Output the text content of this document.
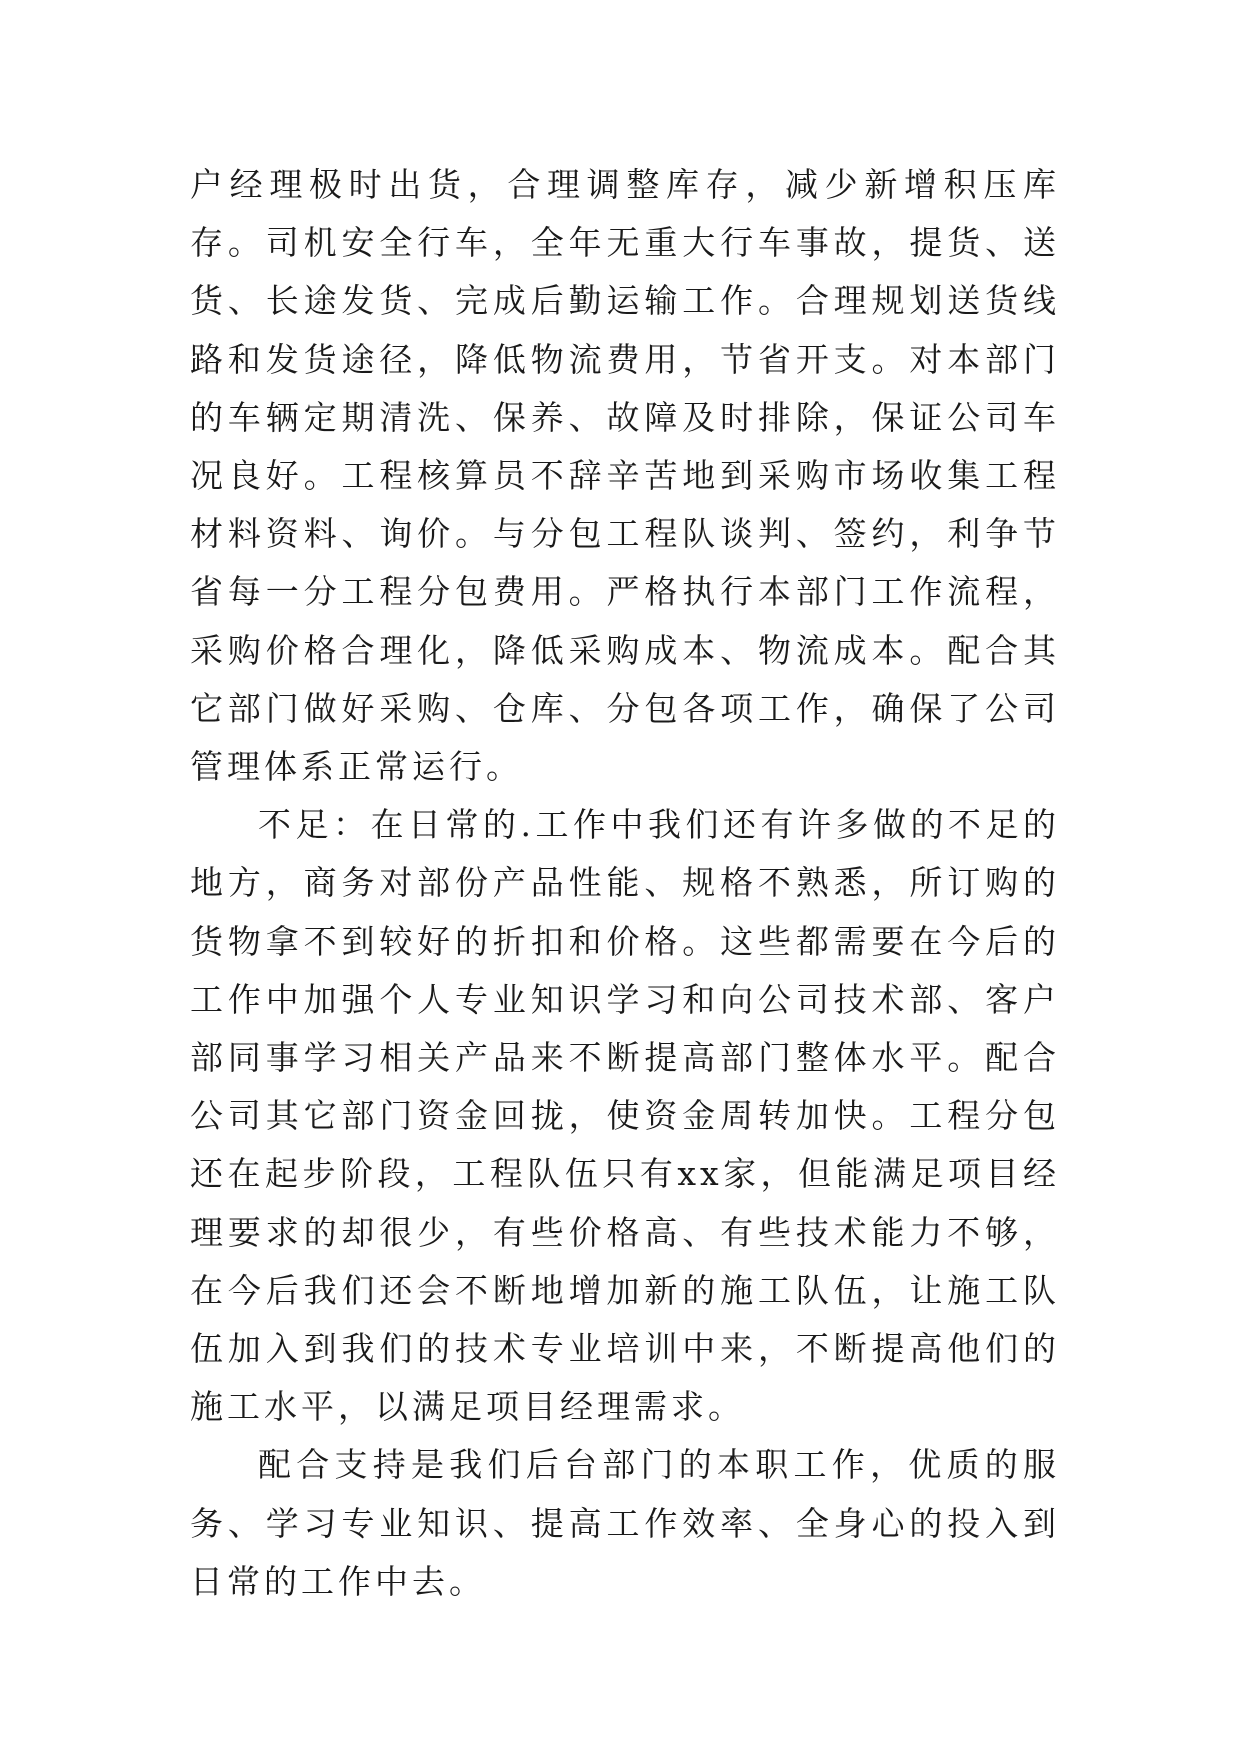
户经理极时出货，合理调整库存，减少新增积压库存。司机安全行车，全年无重大行车事故，提货、送货、长途发货、完成后勤运输工作。合理规划送货线路和发货途径，降低物流费用，节省开支。对本部门的车辆定期清洗、保养、故障及时排除，保证公司车况良好。工程核算员不辞辛苦地到采购市场收集工程材料资料、询价。与分包工程队谈判、签约，利争节省每一分工程分包费用。严格执行本部门工作流程，采购价格合理化，降低采购成本、物流成本。配合其它部门做好采购、仓库、分包各项工作，确保了公司管理体系正常运行。

不足：在日常的.工作中我们还有许多做的不足的地方，商务对部份产品性能、规格不熟悉，所订购的货物拿不到较好的折扣和价格。这些都需要在今后的工作中加强个人专业知识学习和向公司技术部、客户部同事学习相关产品来不断提高部门整体水平。配合公司其它部门资金回拢，使资金周转加快。工程分包还在起步阶段，工程队伍只有xx家，但能满足项目经理要求的却很少，有些价格高、有些技术能力不够，在今后我们还会不断地增加新的施工队伍，让施工队伍加入到我们的技术专业培训中来，不断提高他们的施工水平，以满足项目经理需求。

配合支持是我们后台部门的本职工作，优质的服务、学习专业知识、提高工作效率、全身心的投入到日常的工作中去。
